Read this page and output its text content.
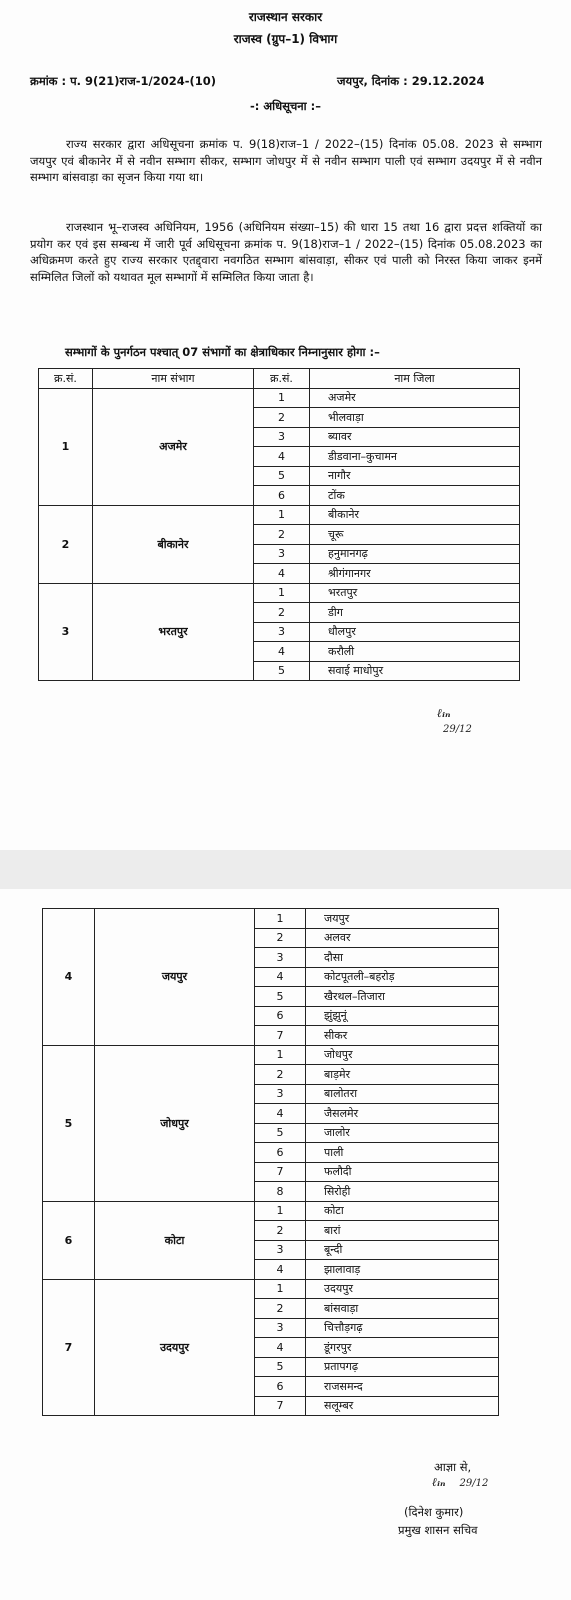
राजस्थान सरकार
राजस्व (ग्रुप–1) विभाग
क्रमांक : प. 9(21)राज-1/2024-(10)	जयपुर, दिनांक : 29.12.2024
-: अधिसूचना :–

राज्य सरकार द्वारा अधिसूचना क्रमांक प. 9(18)राज–1 / 2022–(15) दिनांक 05.08. 2023 से सम्भाग जयपुर एवं बीकानेर में से नवीन सम्भाग सीकर, सम्भाग जोधपुर में से नवीन सम्भाग पाली एवं सम्भाग उदयपुर में से नवीन सम्भाग बांसवाड़ा का सृजन किया गया था।

राजस्थान भू–राजस्व अधिनियम, 1956 (अधिनियम संख्या–15) की धारा 15 तथा 16 द्वारा प्रदत्त शक्तियों का प्रयोग कर एवं इस सम्बन्ध में जारी पूर्व अधिसूचना क्रमांक प. 9(18)राज–1 / 2022–(15) दिनांक 05.08.2023 का अधिक्रमण करते हुए राज्य सरकार एतद्द्वारा नवगठित सम्भाग बांसवाड़ा, सीकर एवं पाली को निरस्त किया जाकर इनमें सम्मिलित जिलों को यथावत मूल सम्भागों में सम्मिलित किया जाता है।

सम्भागों के पुनर्गठन पश्चात् 07 संभागों का क्षेत्राधिकार निम्नानुसार होगा :–
क्र.सं.	नाम संभाग	क्र.सं.	नाम जिला
1	अजमेर	1	अजमेर
		2	भीलवाड़ा
		3	ब्यावर
		4	डीडवाना–कुचामन
		5	नागौर
		6	टोंक
2	बीकानेर	1	बीकानेर
		2	चूरू
		3	हनुमानगढ़
		4	श्रीगंगानगर
3	भरतपुर	1	भरतपुर
		2	डीग
		3	धौलपुर
		4	करौली
		5	सवाई माधोपुर
ℓᵢₙ
29/12
4	जयपुर	1	जयपुर
		2	अलवर
		3	दौसा
		4	कोटपूतली–बहरोड़
		5	खैरथल–तिजारा
		6	झुंझुनूं
		7	सीकर
5	जोधपुर	1	जोधपुर
		2	बाड़मेर
		3	बालोतरा
		4	जैसलमेर
		5	जालोर
		6	पाली
		7	फलौदी
		8	सिरोही
6	कोटा	1	कोटा
		2	बारां
		3	बून्दी
		4	झालावाड़
7	उदयपुर	1	उदयपुर
		2	बांसवाड़ा
		3	चित्तौड़गढ़
		4	डूंगरपुर
		5	प्रतापगढ़
		6	राजसमन्द
		7	सलूम्बर
आज्ञा से,
ℓᵢₙ 29/12
(दिनेश कुमार)
प्रमुख शासन सचिव
